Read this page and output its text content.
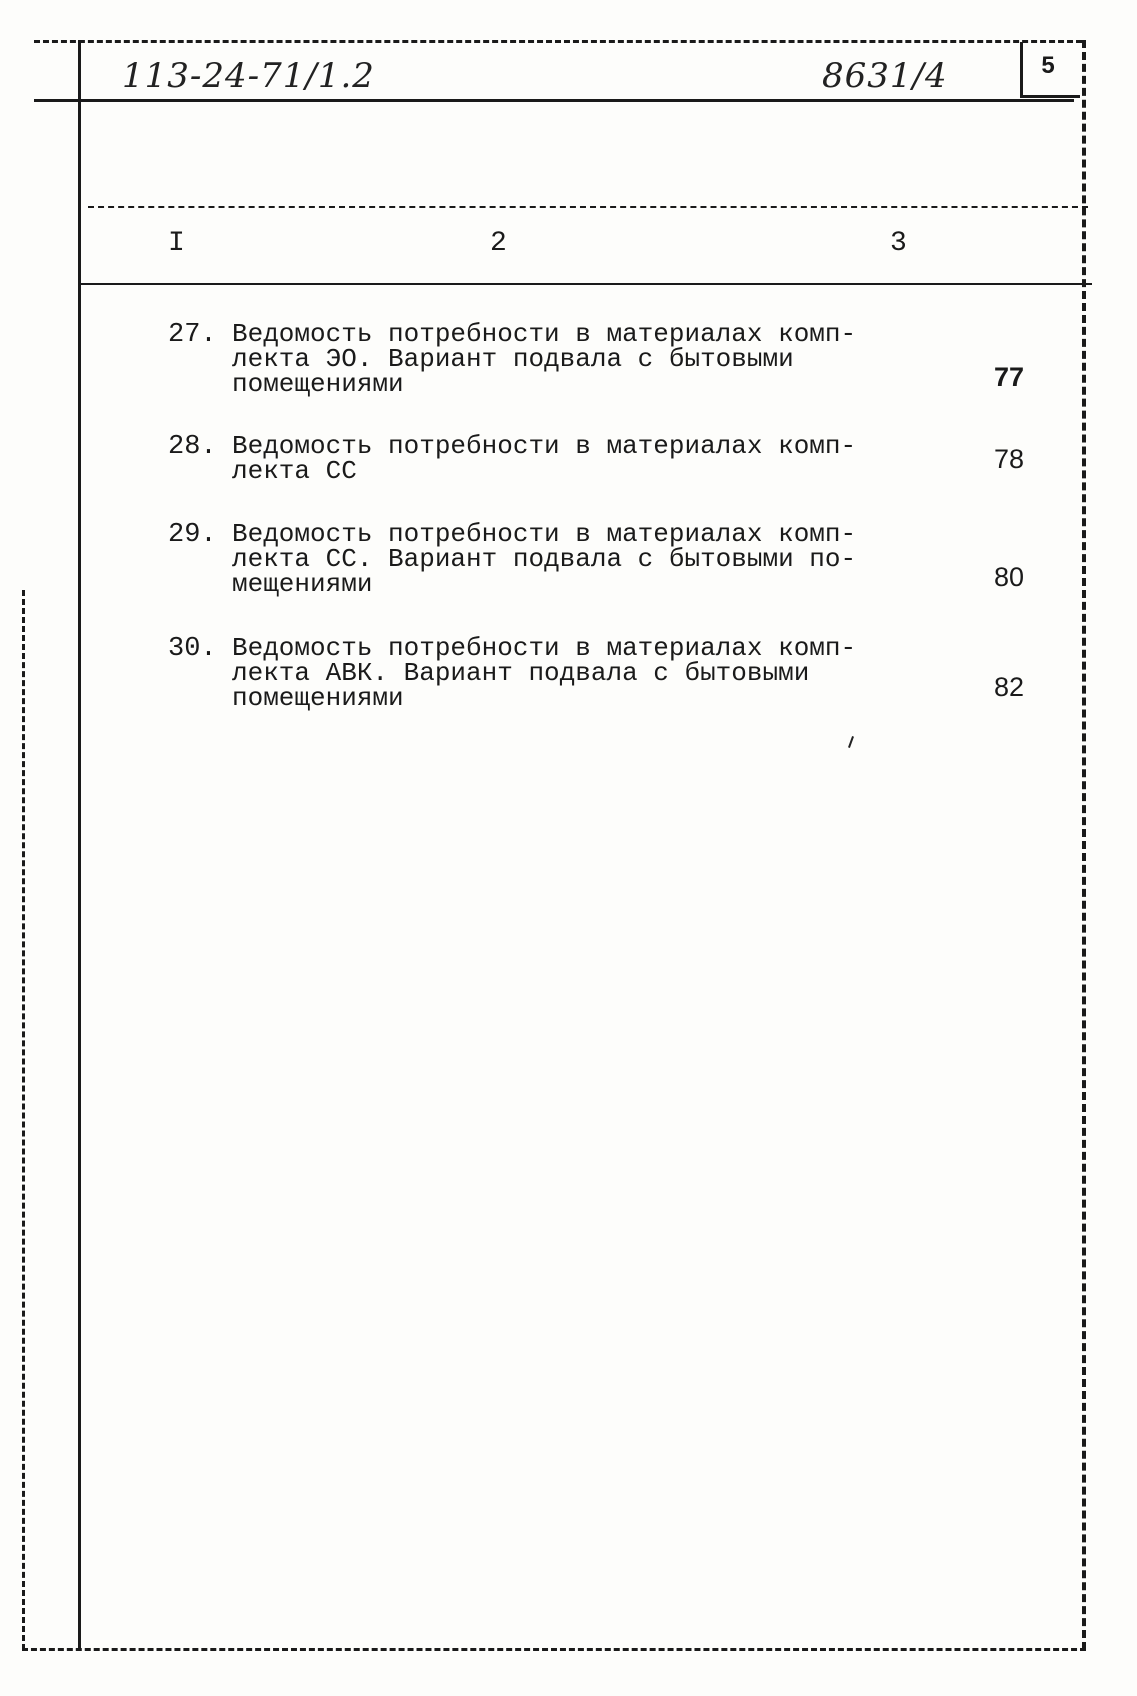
113-24-71/1.2	8631/4	5
I	2	3
27. Ведомость потребности в материалах комп-
лекта ЭО. Вариант подвала с бытовыми
помещениями	77
28. Ведомость потребности в материалах комп-
лекта СС	78
29. Ведомость потребности в материалах комп-
лекта СС. Вариант подвала с бытовыми по-
мещениями	80
30. Ведомость потребности в материалах комп-
лекта АВК. Вариант подвала с бытовыми
помещениями	82
